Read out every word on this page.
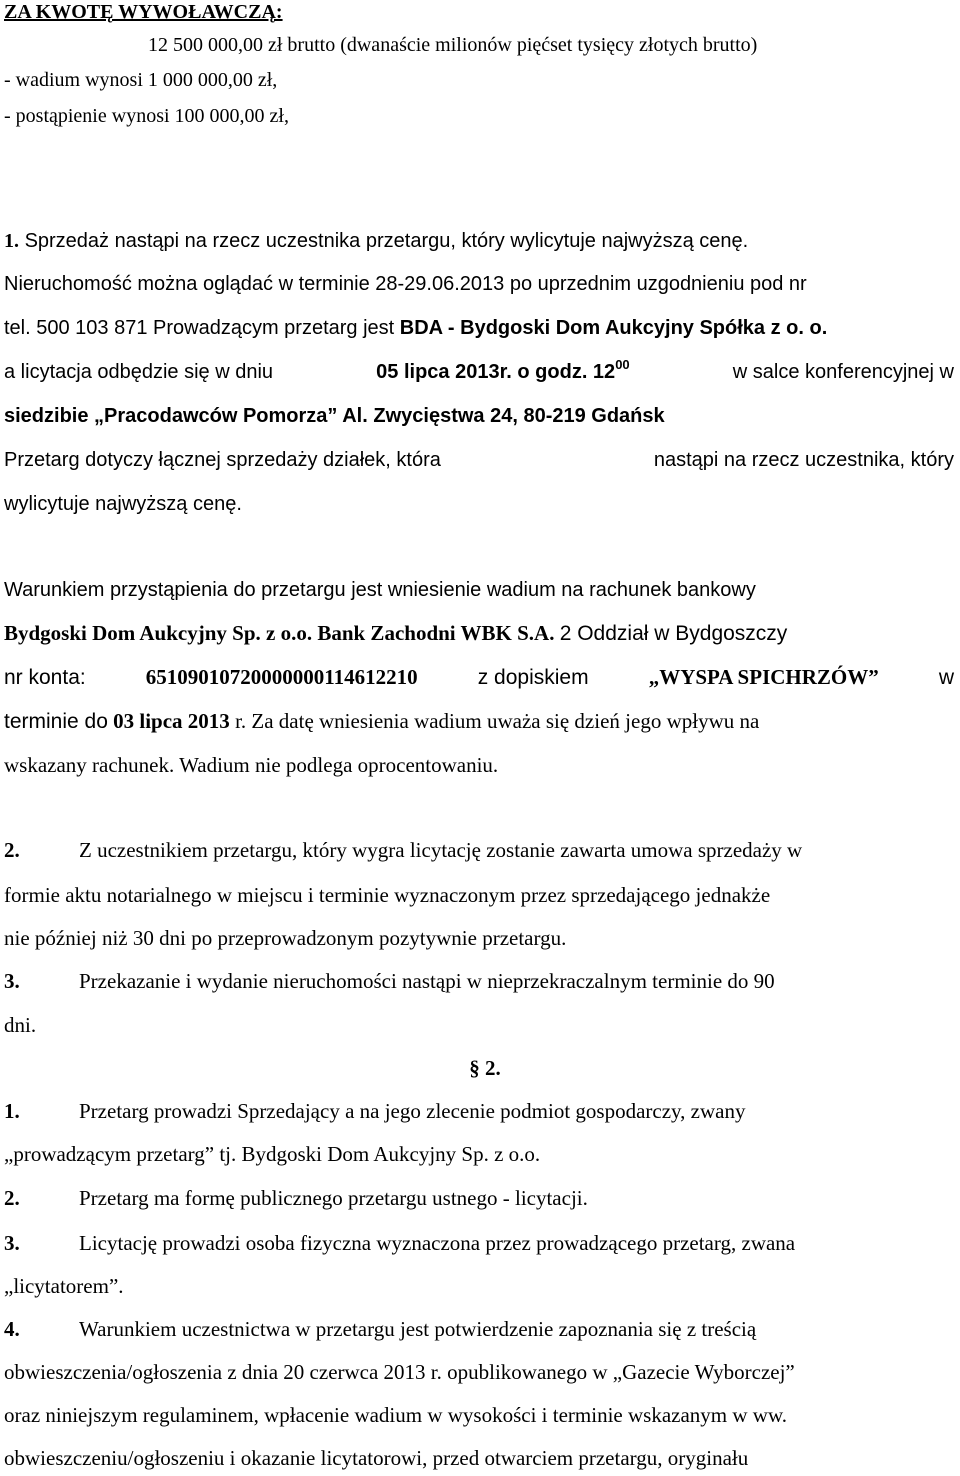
ZA KWOTĘ WYWOŁAWCZĄ:
12 500 000,00 zł brutto (dwanaście milionów pięćset tysięcy złotych brutto)
- wadium wynosi 1 000 000,00 zł,
- postąpienie wynosi 100 000,00 zł,
1. Sprzedaż nastąpi na rzecz uczestnika przetargu, który wylicytuje najwyższą cenę.
Nieruchomość można oglądać w terminie 28-29.06.2013 po uprzednim uzgodnieniu pod nr
tel. 500 103 871 Prowadzącym przetarg jest BDA - Bydgoski Dom Aukcyjny Spółka z o. o.
a licytacja odbędzie się w dniu	05 lipca 2013r. o godz. $12^{00}$	w salce konferencyjnej w
siedzibie „Pracodawców Pomorza” Al. Zwycięstwa 24, 80-219 Gdańsk
Przetarg dotyczy łącznej sprzedaży działek, która	nastąpi na rzecz uczestnika, który
wylicytuje najwyższą cenę.
Warunkiem przystąpienia do przetargu jest wniesienie wadium na rachunek bankowy
Bydgoski Dom Aukcyjny Sp. z o.o. Bank Zachodni WBK S.A. 2 Oddział w Bydgoszczy
nr konta:	65109010720000000114612210	z dopiskiem	„WYSPA SPICHRZÓW”	w
terminie do 03 lipca 2013 r. Za datę wniesienia wadium uważa się dzień jego wpływu na
wskazany rachunek. Wadium nie podlega oprocentowaniu.
2.	Z uczestnikiem przetargu, który wygra licytację zostanie zawarta umowa sprzedaży w
formie aktu notarialnego w miejscu i terminie wyznaczonym przez sprzedającego jednakże
nie później niż 30 dni po przeprowadzonym pozytywnie przetargu.
3.	Przekazanie i wydanie nieruchomości nastąpi w nieprzekraczalnym terminie do 90
dni.
§ 2.
1.	Przetarg prowadzi Sprzedający a na jego zlecenie podmiot gospodarczy, zwany
„prowadzącym przetarg” tj. Bydgoski Dom Aukcyjny Sp. z o.o.
2.	Przetarg ma formę publicznego przetargu ustnego - licytacji.
3.	Licytację prowadzi osoba fizyczna wyznaczona przez prowadzącego przetarg, zwana
„licytatorem”.
4.	Warunkiem uczestnictwa w przetargu jest potwierdzenie zapoznania się z treścią
obwieszczenia/ogłoszenia z dnia 20 czerwca 2013 r. opublikowanego w „Gazecie Wyborczej”
oraz niniejszym regulaminem, wpłacenie wadium w wysokości i terminie wskazanym w ww.
obwieszczeniu/ogłoszeniu i okazanie licytatorowi, przed otwarciem przetargu, oryginału
